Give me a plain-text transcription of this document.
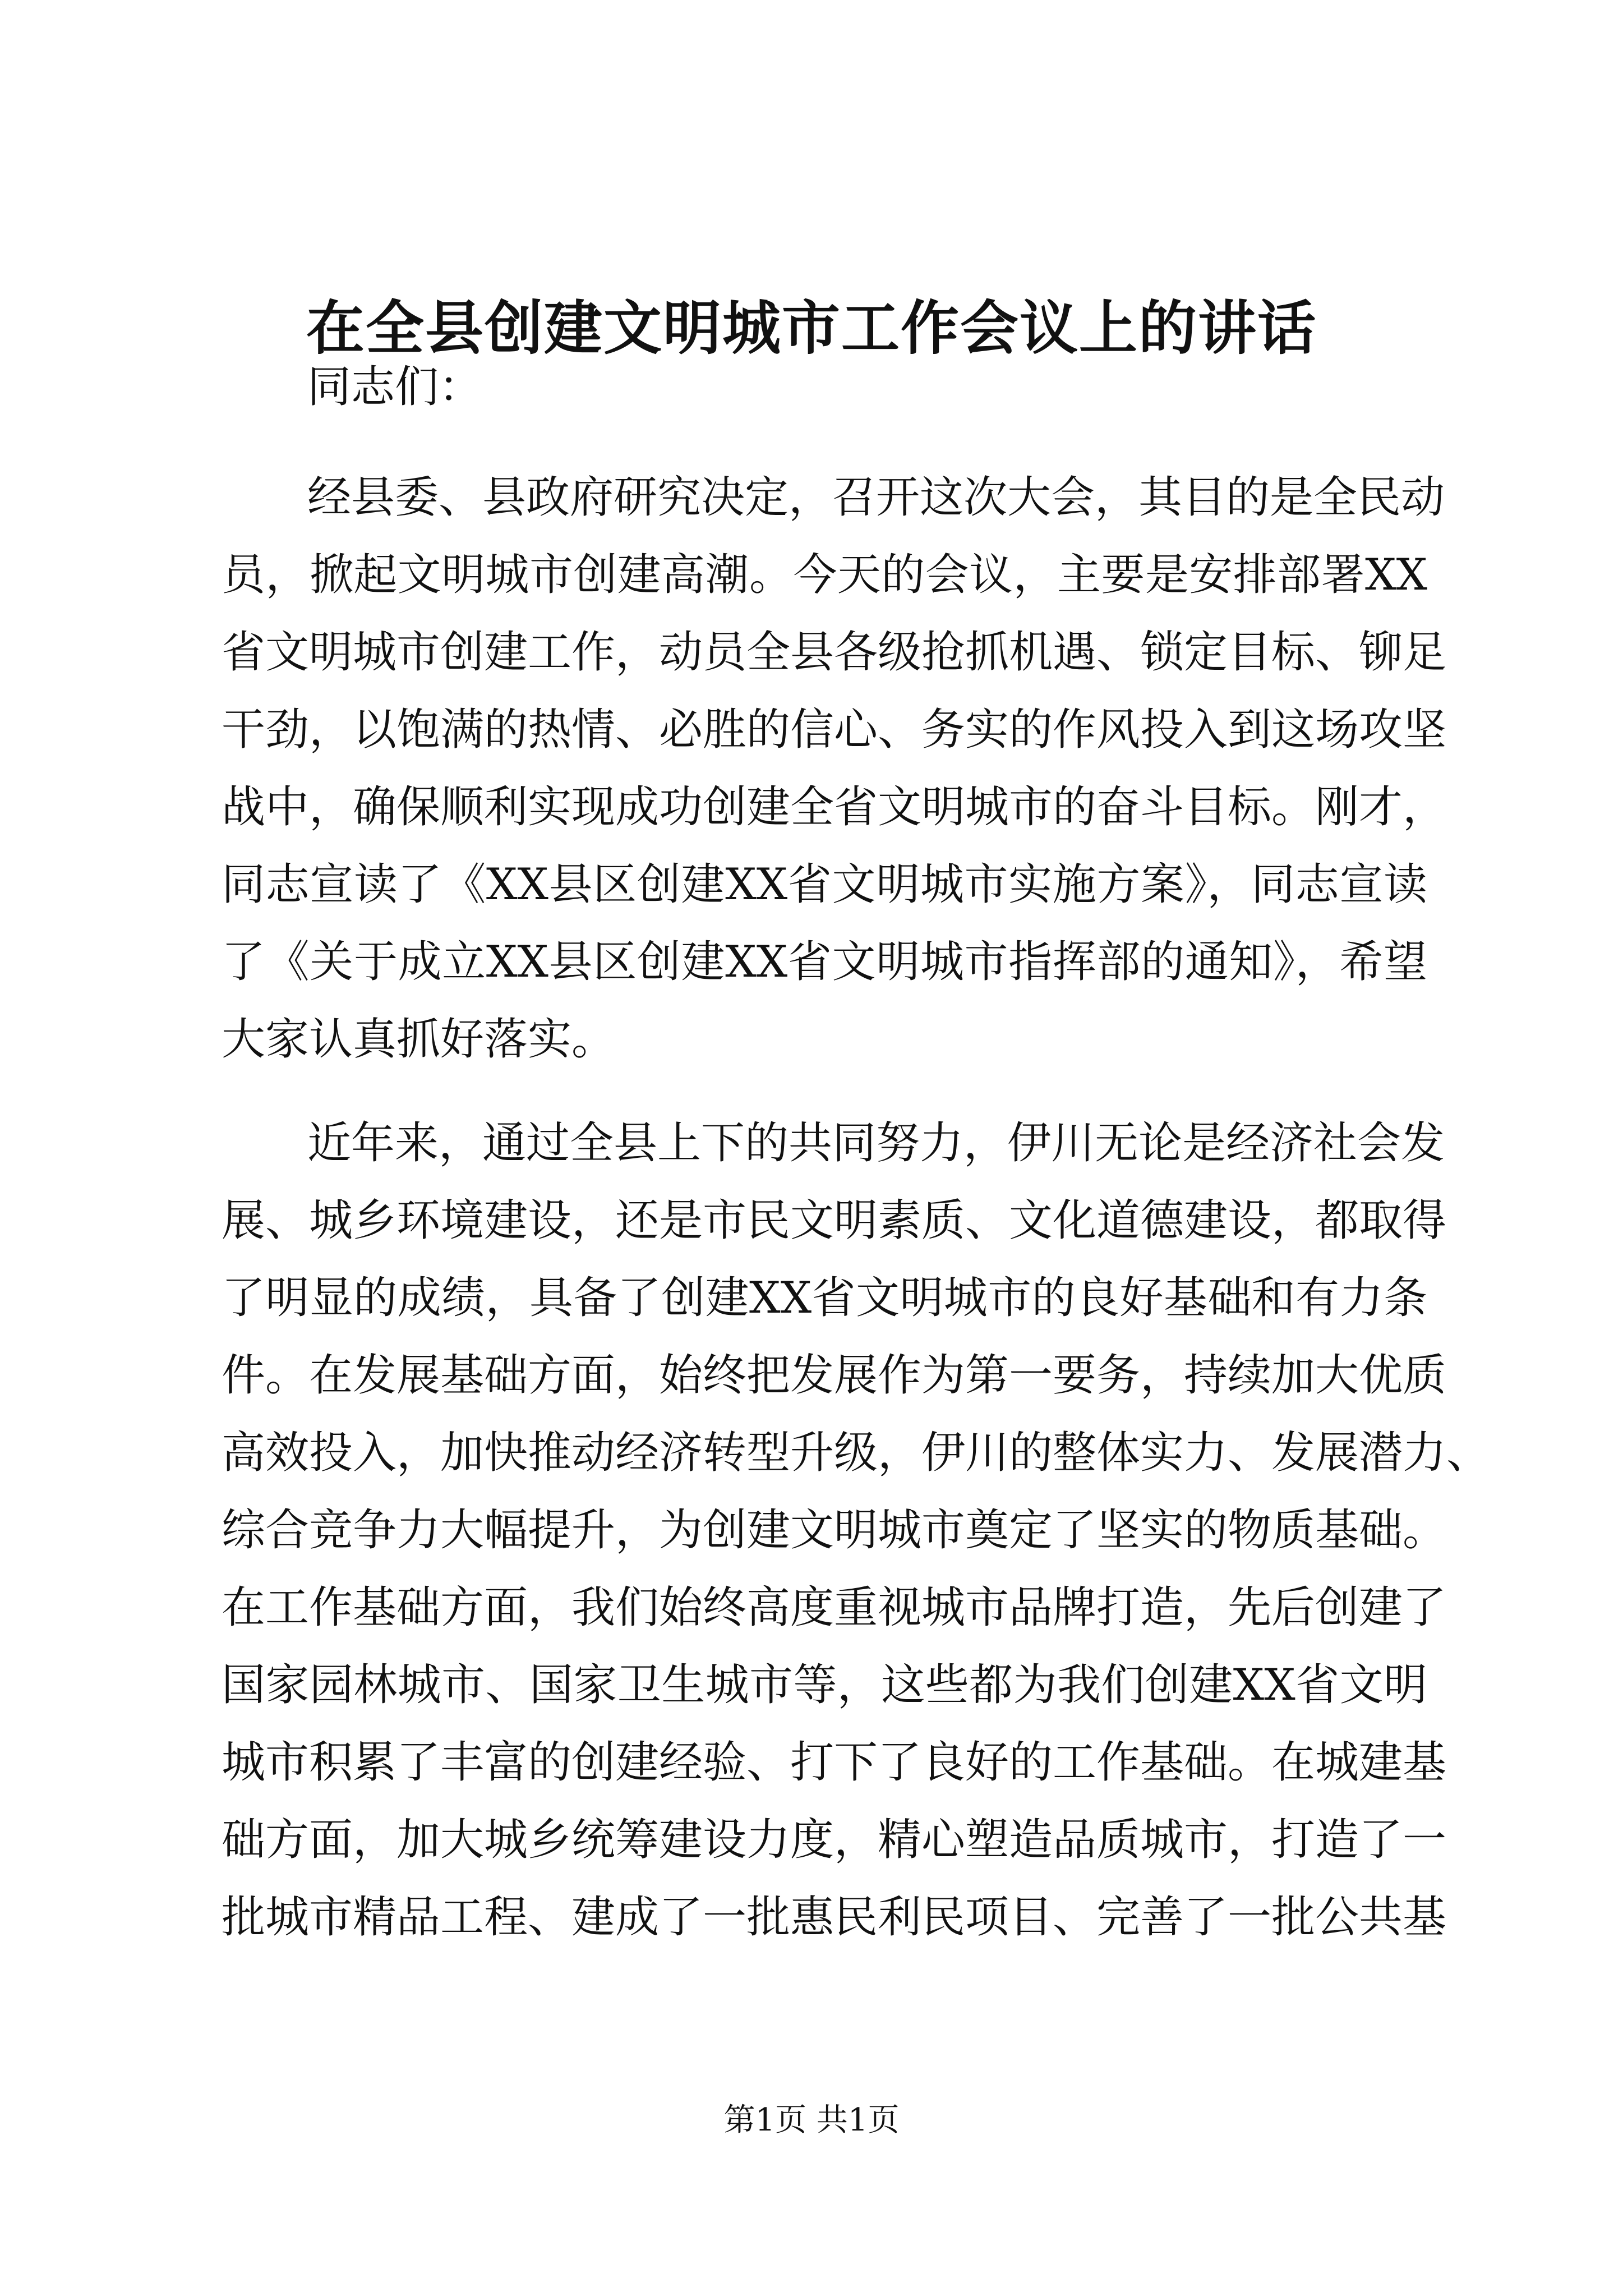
在全县创建文明城市工作会议上的讲话
同志们：
经县委、县政府研究决定，召开这次大会，其目的是全民动
员，掀起文明城市创建高潮。今天的会议，主要是安排部署XX
省文明城市创建工作，动员全县各级抢抓机遇、锁定目标、铆足
干劲，以饱满的热情、必胜的信心、务实的作风投入到这场攻坚
战中，确保顺利实现成功创建全省文明城市的奋斗目标。刚才，
同志宣读了《XX县区创建XX省文明城市实施方案》，同志宣读
了《关于成立XX县区创建XX省文明城市指挥部的通知》，希望
大家认真抓好落实。
近年来，通过全县上下的共同努力，伊川无论是经济社会发
展、城乡环境建设，还是市民文明素质、文化道德建设，都取得
了明显的成绩，具备了创建XX省文明城市的良好基础和有力条
件。在发展基础方面，始终把发展作为第一要务，持续加大优质
高效投入，加快推动经济转型升级，伊川的整体实力、发展潜力、
综合竞争力大幅提升，为创建文明城市奠定了坚实的物质基础。
在工作基础方面，我们始终高度重视城市品牌打造，先后创建了
国家园林城市、国家卫生城市等，这些都为我们创建XX省文明
城市积累了丰富的创建经验、打下了良好的工作基础。在城建基
础方面，加大城乡统筹建设力度，精心塑造品质城市，打造了一
批城市精品工程、建成了一批惠民利民项目、完善了一批公共基
第1页 共1页
